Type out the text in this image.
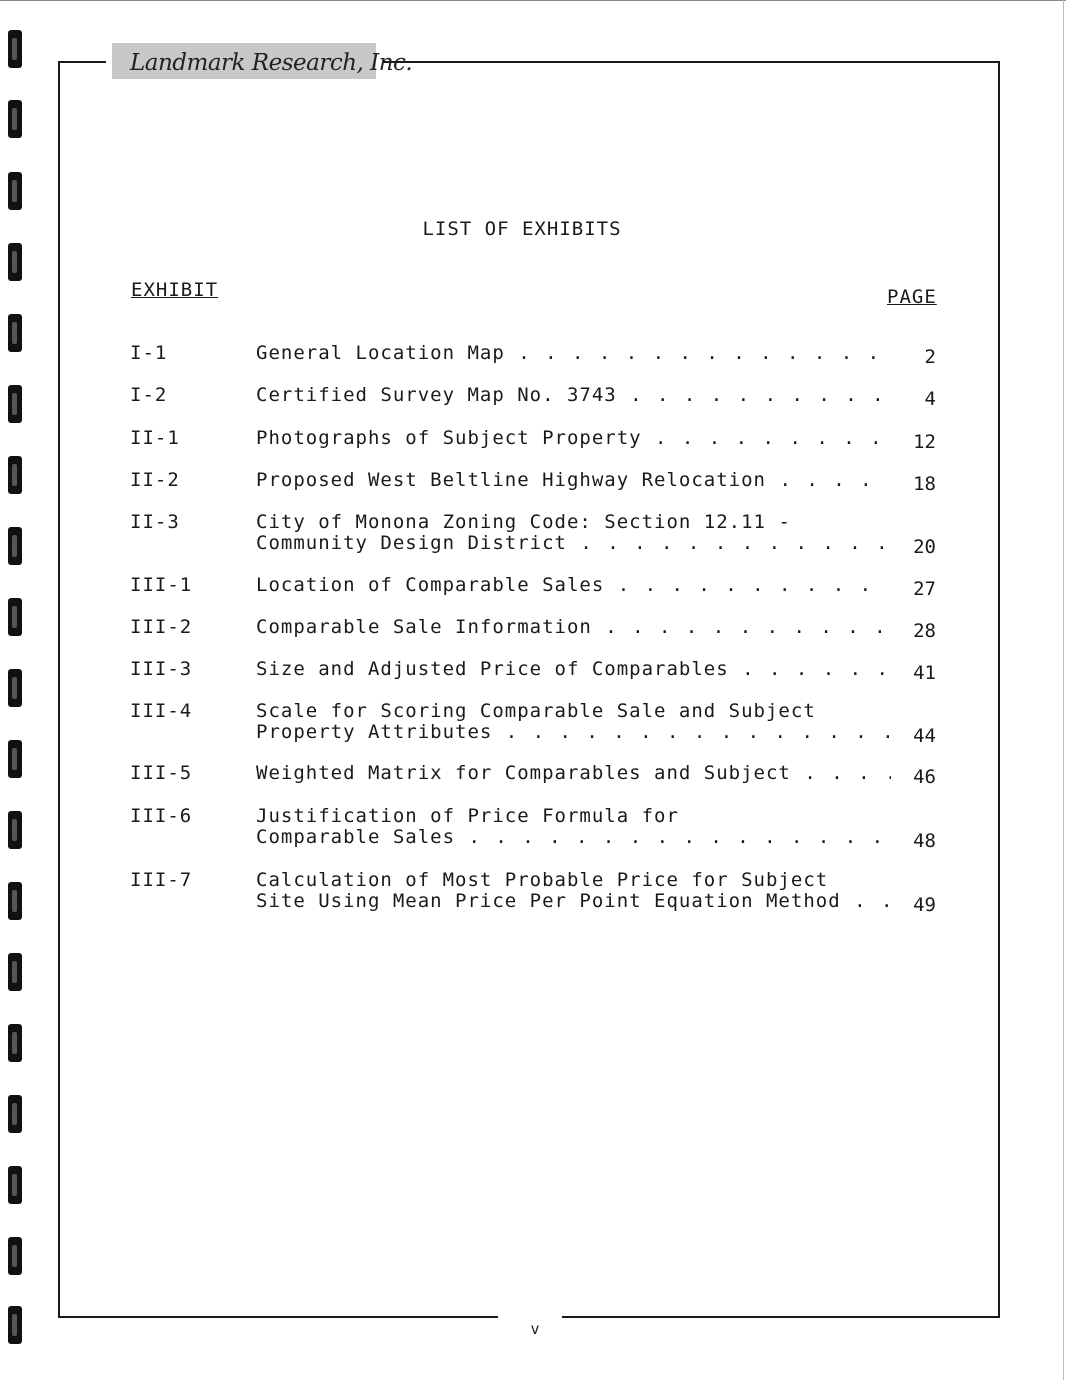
Landmark Research, Inc.
v
LIST OF EXHIBITS
EXHIBIT	PAGE
I-1	General Location Map . . .	2
I-2	Certified Survey Map No. 3743 . . .	4
II-1	Photographs of Subject Property . . .	12
II-2	Proposed West Beltline Highway Relocation . . .	18
II-3	City of Monona Zoning Code: Section 12.11 -
Community Design District . . .	20
III-1	Location of Comparable Sales . . .	27
III-2	Comparable Sale Information . . .	28
III-3	Size and Adjusted Price of Comparables . . .	41
III-4	Scale for Scoring Comparable Sale and Subject
Property Attributes . . .	44
III-5	Weighted Matrix for Comparables and Subject . . .	46
III-6	Justification of Price Formula for
Comparable Sales . . .	48
III-7	Calculation of Most Probable Price for Subject
Site Using Mean Price Per Point Equation Method . . .	49
